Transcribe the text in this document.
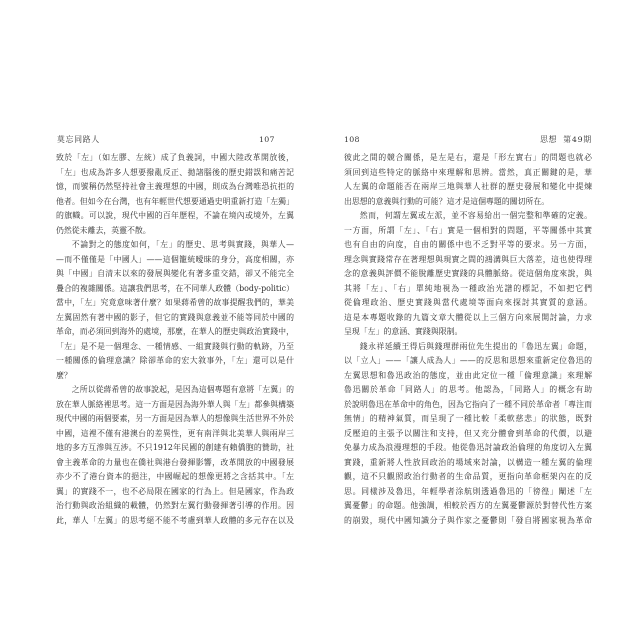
莫忘同路人	107
致於「左」（如左膠、左統）成了負義詞，中國大陸改革開放後，
「左」也成為許多人想要撥亂反正、拋諸腦後的歷史錯誤和痛苦記
憶，而號稱仍然堅持社會主義理想的中國，則成為台灣唯恐抗拒的
他者。但如今在台灣，也有年輕世代想要通過史明重新打造「左獨」
的旗幟。可以說，現代中國的百年歷程，不論在境內或境外，左翼
仍然從未離去，英靈不散。
不論對之的態度如何，「左」的歷史、思考與實踐，與華人—
—而不僅僅是「中國人」——這個籠統曖昧的身分，高度相關，亦
與「中國」自清末以來的發展與變化有著多重交錯，卻又不能完全
疊合的複雜關係。這讓我們思考，在不同華人政體（body-politic）
當中，「左」究竟意味著什麼？如果蔣希曾的故事提醒我們的，華美
左翼固然有著中國的影子，但它的實踐與意義並不能等同於中國的
革命，而必須回到海外的處境，那麼，在華人的歷史與政治實踐中，
「左」是不是一個理念、一種情感、一組實踐與行動的軌跡，乃至
一種關係的倫理意識？除卻革命的宏大敘事外，「左」還可以是什
麼？
之所以從蔣希曾的故事說起，是因為這個專題有意將「左翼」的
放在華人脈絡裡思考。這一方面是因為海外華人與「左」都參與構築
現代中國的兩個要素，另一方面是因為華人的想像與生活世界不外於
中國，這裡不僅有港澳台的差異性，更有南洋與北美華人與兩岸三
地的多方互滲與互涉。不只1912年民國的創建有賴僑胞的贊助，社
會主義革命的力量也在僑社與港台發揮影響，改革開放的中國發展
亦少不了港台資本的挹注，中國崛起的想像更將之含括其中。「左
翼」的實踐不一，也不必局限在國家的行為上。但是國家，作為政
治行動與政治組織的載體，仍然對左翼行動發揮著引導的作用。因
此，華人「左翼」的思考絕不能不考慮到華人政體的多元存在以及
108	思想 第49期
彼此之間的競合關係，是左是右，還是「形左實右」的問題也就必
須回到這些特定的脈絡中來理解和思辨。當然，真正關鍵的是，華
人左翼的命題能否在兩岸三地與華人社群的歷史發展和變化中提煉
出思想的意義與行動的可能？這才是這個專題的關切所在。
然而，何謂左翼或左派，並不容易給出一個完整和準確的定義。
一方面，所謂「左」、「右」實是一個相對的問題，平等關係中其實
也有自由的向度，自由的關係中也不乏對平等的要求。另一方面，
理念與實踐常存在著理想與現實之間的鴻溝與巨大落差，這也使得理
念的意義與評價不能脫離歷史實踐的具體脈絡。從這個角度來說，與
其將「左」、「右」單純地視為一種政治光譜的標記，不如把它們
從倫理政治、歷史實踐與當代處境等面向來探討其實質的意涵。
這是本專題收錄的九篇文章大體從以上三個方向來展開討論，力求
呈現「左」的意涵、實踐與限制。
錢永祥延續王得后與錢理群兩位先生提出的「魯迅左翼」命題，
以「立人」——「讓人成為人」——的反思和思想來重新定位魯迅的
左翼思想和魯迅政治的態度，並由此定位一種「倫理意識」來理解
魯迅關於革命「同路人」的思考。他認為，「同路人」的概念有助
於說明魯迅在革命中的角色，因為它指向了一種不同於革命者「專注而
無情」的精神氣質，而呈現了一種比較「柔軟慈悲」的狀態，既對
反壓迫的主張予以關注和支持，但又充分體會到革命的代價，以避
免暴力成為浪漫理想的手段。他從魯迅討論政治倫理的角度切入左翼
實踐，重新將人性放回政治的場域來討論，以構造一種左翼的倫理
觀，這不只觀照政治行動者的生命品質，更指向革命框架內在的反
思。同樣涉及魯迅，年輕學者涂航則透過魯迅的「徬徨」闡述「左
翼憂鬱」的命題。他強調，相較於西方的左翼憂鬱源於對替代性方案
的崩毀，現代中國知識分子與作家之憂鬱則「發自將國家視為革命
